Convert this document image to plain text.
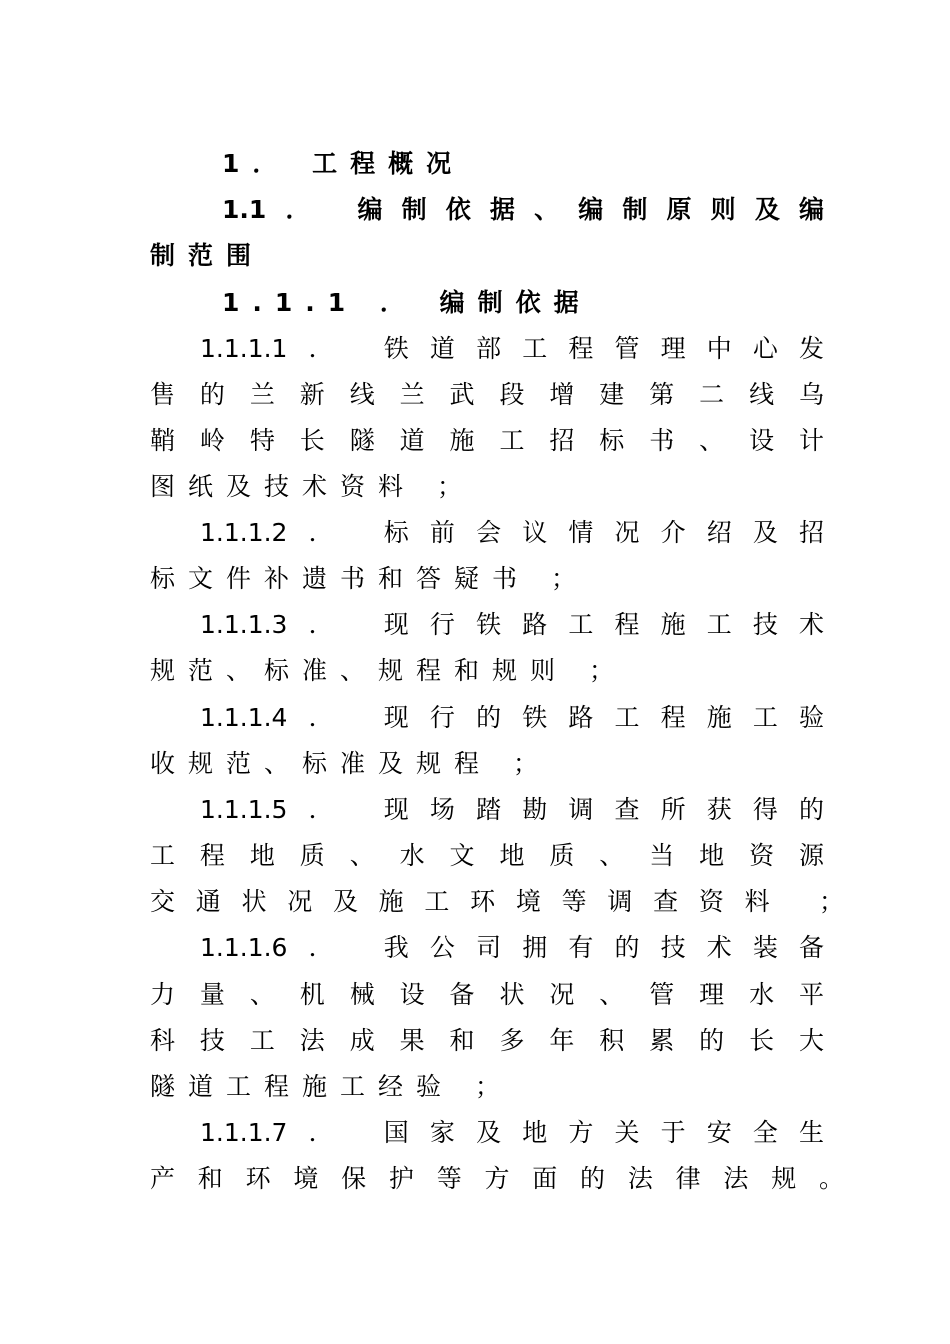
1． 工程概况
1.1． 编制依据、编制原则及编
制范围
1.1.1 ． 编制依据
1.1.1.1． 铁道部工程管理中心发
售的兰新线兰武段增建第二线乌
鞘岭特长隧道施工招标书、设计
图纸及技术资料 ；
1.1.1.2． 标前会议情况介绍及招
标文件补遗书和答疑书 ；
1.1.1.3． 现行铁路工程施工技术
规范、标准、规程和规则 ；
1.1.1.4． 现行的铁路工程施工验
收规范、标准及规程 ；
1.1.1.5． 现场踏勘调查所获得的
工程地质、水文地质、当地资源
交通状况及施工环境等调查资料 ；
1.1.1.6． 我公司拥有的技术装备
力量、机械设备状况、管理水平
科技工法成果和多年积累的长大
隧道工程施工经验 ；
1.1.1.7． 国家及地方关于安全生
产和环境保护等方面的法律法规。
